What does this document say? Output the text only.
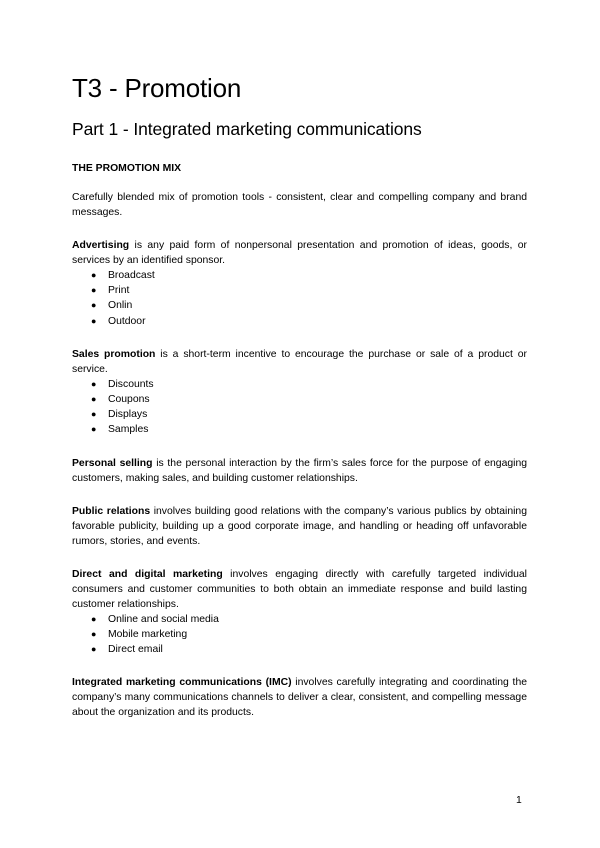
T3 - Promotion
Part 1 - Integrated marketing communications
THE PROMOTION MIX

Carefully blended mix of promotion tools - consistent, clear and compelling company and brand messages.

Advertising is any paid form of nonpersonal presentation and promotion of ideas, goods, or services by an identified sponsor.

● Broadcast
● Print
● Onlin
● Outdoor

Sales promotion is a short-term incentive to encourage the purchase or sale of a product or service.

● Discounts
● Coupons
● Displays
● Samples

Personal selling is the personal interaction by the firm’s sales force for the purpose of engaging customers, making sales, and building customer relationships.

Public relations involves building good relations with the company’s various publics by obtaining favorable publicity, building up a good corporate image, and handling or heading off unfavorable rumors, stories, and events.

Direct and digital marketing involves engaging directly with carefully targeted individual consumers and customer communities to both obtain an immediate response and build lasting customer relationships.

● Online and social media
● Mobile marketing
● Direct email

Integrated marketing communications (IMC) involves carefully integrating and coordinating the company’s many communications channels to deliver a clear, consistent, and compelling message about the organization and its products.

1
